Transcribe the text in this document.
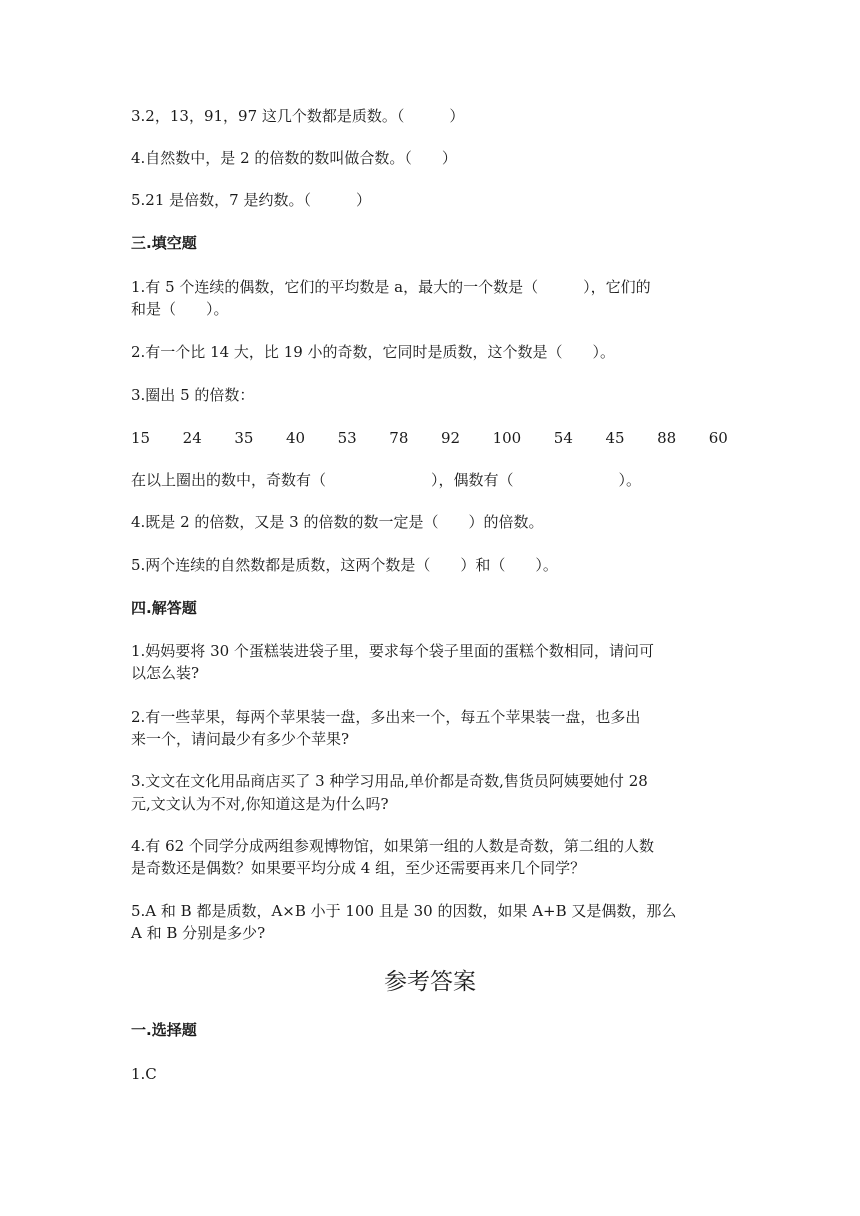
3.2，13，91，97 这几个数都是质数。（　　　）
4.自然数中，是 2 的倍数的数叫做合数。（　　）
5.21 是倍数，7 是约数。（　　　）
三.填空题
1.有 5 个连续的偶数，它们的平均数是 a，最大的一个数是（　　　），它们的
和是（　　）。
2.有一个比 14 大，比 19 小的奇数，它同时是质数，这个数是（　　）。
3.圈出 5 的倍数：
15 24 35 40 53 78 92 100 54 45 88 60
在以上圈出的数中，奇数有（　　　　　　　），偶数有（　　　　　　　）。
4.既是 2 的倍数，又是 3 的倍数的数一定是（　　）的倍数。
5.两个连续的自然数都是质数，这两个数是（　　）和（　　）。
四.解答题
1.妈妈要将 30 个蛋糕装进袋子里，要求每个袋子里面的蛋糕个数相同，请问可
以怎么装?
2.有一些苹果，每两个苹果装一盘，多出来一个，每五个苹果装一盘，也多出
来一个，请问最少有多少个苹果?
3.文文在文化用品商店买了 3 种学习用品,单价都是奇数,售货员阿姨要她付 28
元,文文认为不对,你知道这是为什么吗?
4.有 62 个同学分成两组参观博物馆，如果第一组的人数是奇数，第二组的人数
是奇数还是偶数？如果要平均分成 4 组，至少还需要再来几个同学？
5.A 和 B 都是质数，A×B 小于 100 且是 30 的因数，如果 A+B 又是偶数，那么
A 和 B 分别是多少?
参考答案
一.选择题
1.C
